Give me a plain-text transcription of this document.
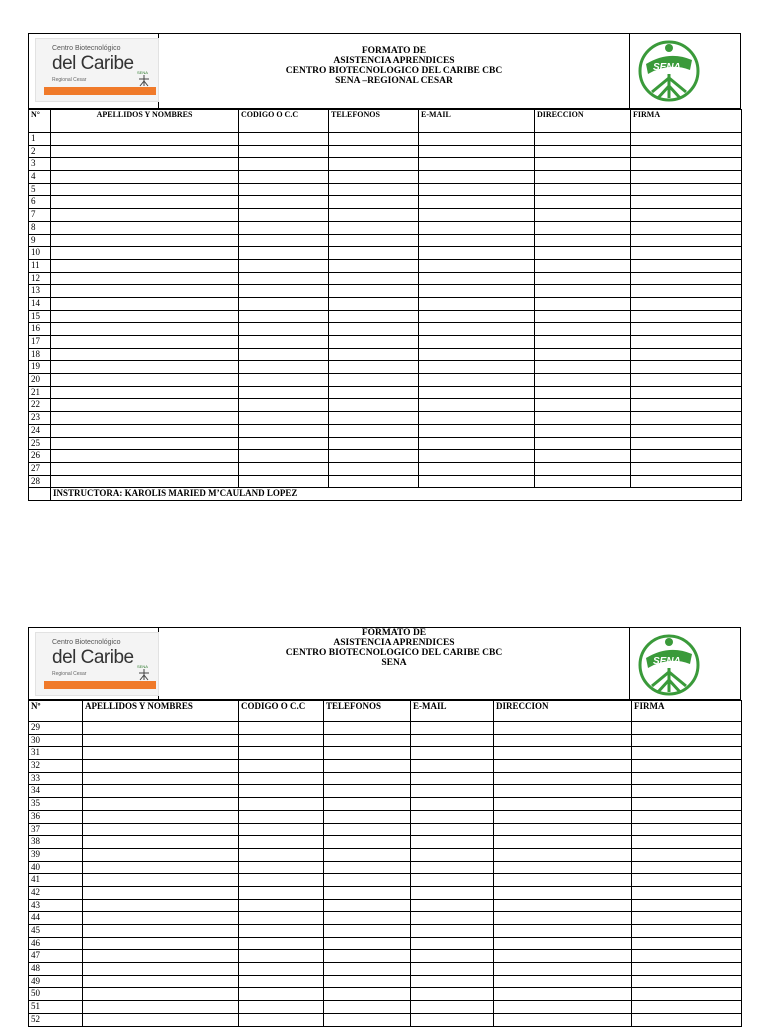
Centro Biotecnológico
del Caribe
Regional Cesar
SENA
FORMATO DE
ASISTENCIA APRENDICES
CENTRO BIOTECNOLOGICO DEL CARIBE CBC
SENA –REGIONAL CESAR
SENA
N°	APELLIDOS Y NOMBRES	CODIGO O C.C	TELEFONOS	E-MAIL	DIRECCION	FIRMA
1						
2						
3						
4						
5						
6						
7						
8						
9						
10						
11						
12						
13						
14						
15						
16						
17						
18						
19						
20						
21						
22						
23						
24						
25						
26						
27						
28						
	INSTRUCTORA: KAROLIS MARIED M’CAULAND LOPEZ					
Centro Biotecnológico
del Caribe
Regional Cesar
SENA
FORMATO DE
ASISTENCIA APRENDICES
CENTRO BIOTECNOLOGICO DEL CARIBE CBC
SENA	SENA
Nº	APELLIDOS Y NOMBRES	CODIGO O C.C	TELEFONOS	E-MAIL	DIRECCION	FIRMA
29						
30						
31						
32						
33						
34						
35						
36						
37						
38						
39						
40						
41						
42						
43						
44						
45						
46						
47						
48						
49						
50						
51						
52						
